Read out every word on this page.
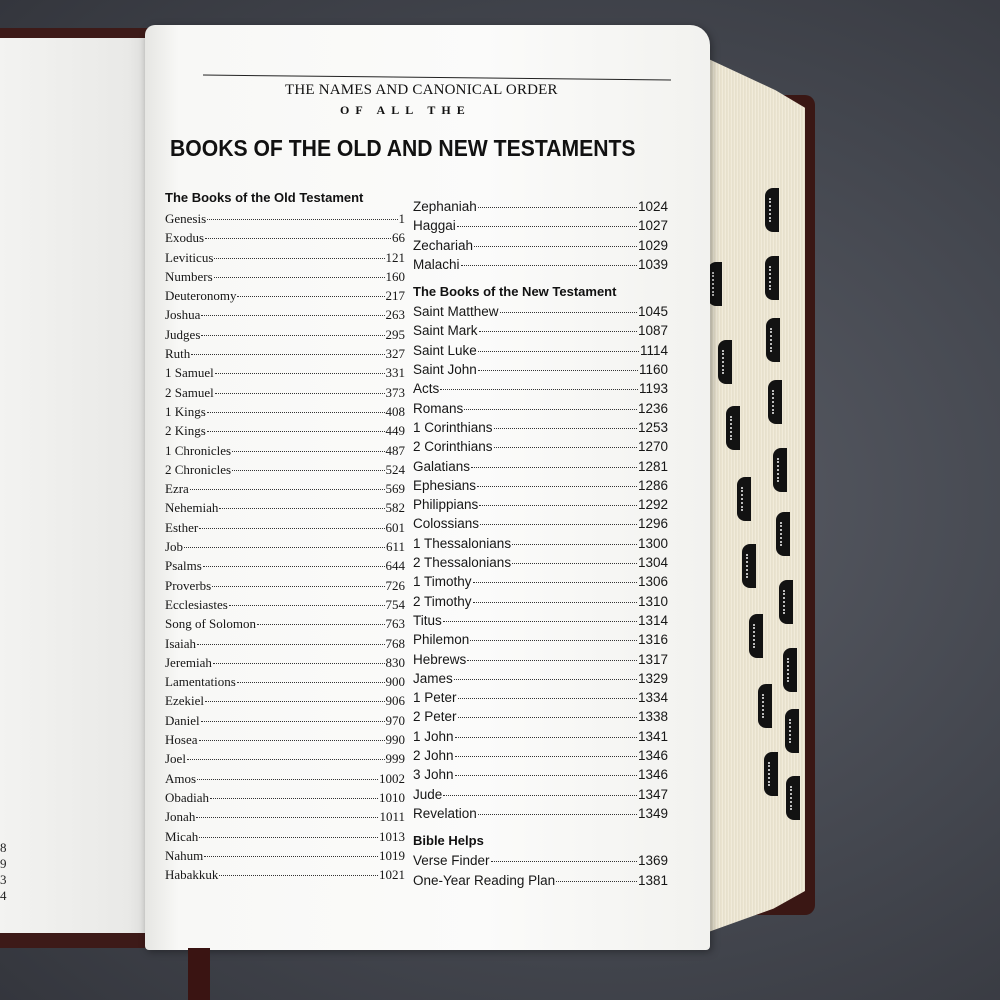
8
9
3
4
THE NAMES AND CANONICAL ORDER
OF ALL THE
BOOKS OF THE OLD AND NEW TESTAMENTS
The Books of the Old Testament
Genesis	1
Exodus	66
Leviticus	121
Numbers	160
Deuteronomy	217
Joshua	263
Judges	295
Ruth	327
1 Samuel	331
2 Samuel	373
1 Kings	408
2 Kings	449
1 Chronicles	487
2 Chronicles	524
Ezra	569
Nehemiah	582
Esther	601
Job	611
Psalms	644
Proverbs	726
Ecclesiastes	754
Song of Solomon	763
Isaiah	768
Jeremiah	830
Lamentations	900
Ezekiel	906
Daniel	970
Hosea	990
Joel	999
Amos	1002
Obadiah	1010
Jonah	1011
Micah	1013
Nahum	1019
Habakkuk	1021
Zephaniah	1024
Haggai	1027
Zechariah	1029
Malachi	1039
The Books of the New Testament
Saint Matthew	1045
Saint Mark	1087
Saint Luke	1114
Saint John	1160
Acts	1193
Romans	1236
1 Corinthians	1253
2 Corinthians	1270
Galatians	1281
Ephesians	1286
Philippians	1292
Colossians	1296
1 Thessalonians	1300
2 Thessalonians	1304
1 Timothy	1306
2 Timothy	1310
Titus	1314
Philemon	1316
Hebrews	1317
James	1329
1 Peter	1334
2 Peter	1338
1 John	1341
2 John	1346
3 John	1346
Jude	1347
Revelation	1349
Bible Helps
Verse Finder	1369
One-Year Reading Plan	1381
